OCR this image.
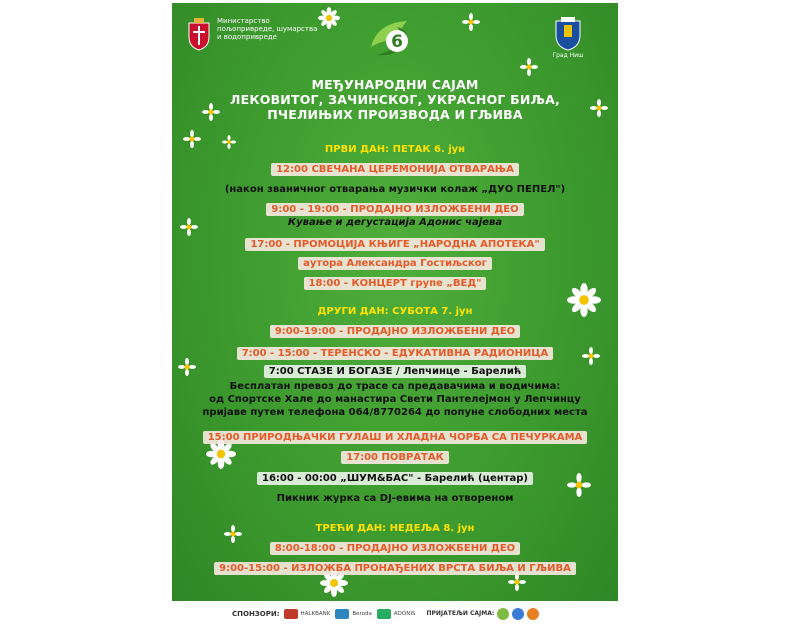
Министарство
пољопривреде, шумарства
и водопривреде	6
Град Ниш
МЕЂУНАРОДНИ САЈАМ
ЛЕКОВИТОГ, ЗАЧИНСКОГ, УКРАСНОГ БИЉА,
ПЧЕЛИЊИХ ПРОИЗВОДА И ГЉИВА
ПРВИ ДАН: ПЕТАК 6. јун
12:00 СВЕЧАНА ЦЕРЕМОНИЈА ОТВАРАЊА
(након званичног отварања музички колаж „ДУО ПЕПЕЛ")
9:00 - 19:00 - ПРОДАЈНО ИЗЛОЖБЕНИ ДЕО
Кување и дегустација Адонис чајева
17:00 - ПРОМОЦИЈА КЊИГЕ „НАРОДНА АПОТЕКА"
аутора Александра Гостиљског
18:00 - КОНЦЕРТ групе „ВЕД"
ДРУГИ ДАН: СУБОТА 7. јун
9:00-19:00 - ПРОДАЈНО ИЗЛОЖБЕНИ ДЕО
7:00 - 15:00 - ТЕРЕНСКО - ЕДУКАТИВНА РАДИОНИЦА
7:00 СТАЗЕ И БОГАЗЕ / Лепчинце - Барелић
Бесплатан превоз до трасе са предавачима и водичима:
од Спортске Хале до манастира Свети Пантелејмон у Лепчинцу
пријаве путем телефона 064/8770264 до попуне слободних места
15:00 ПРИРОДЊАЧКИ ГУЛАШ И ХЛАДНА ЧОРБА СА ПЕЧУРКАМА
17:00 ПОВРАТАК
16:00 - 00:00 „ШУМ&БАС" - Барелић (центар)
Пикник журка са DJ-евима на отвореном
ТРЕЋИ ДАН: НЕДЕЉА 8. јун
8:00-18:00 - ПРОДАЈНО ИЗЛОЖБЕНИ ДЕО
9:00-15:00 - ИЗЛОЖБА ПРОНАЂЕНИХ ВРСТА БИЉА И ГЉИВА
СПОНЗОРИ:	HALKBANK	Beroda	ADONIS ПРИЈАТЕЉИ САЈМА:
